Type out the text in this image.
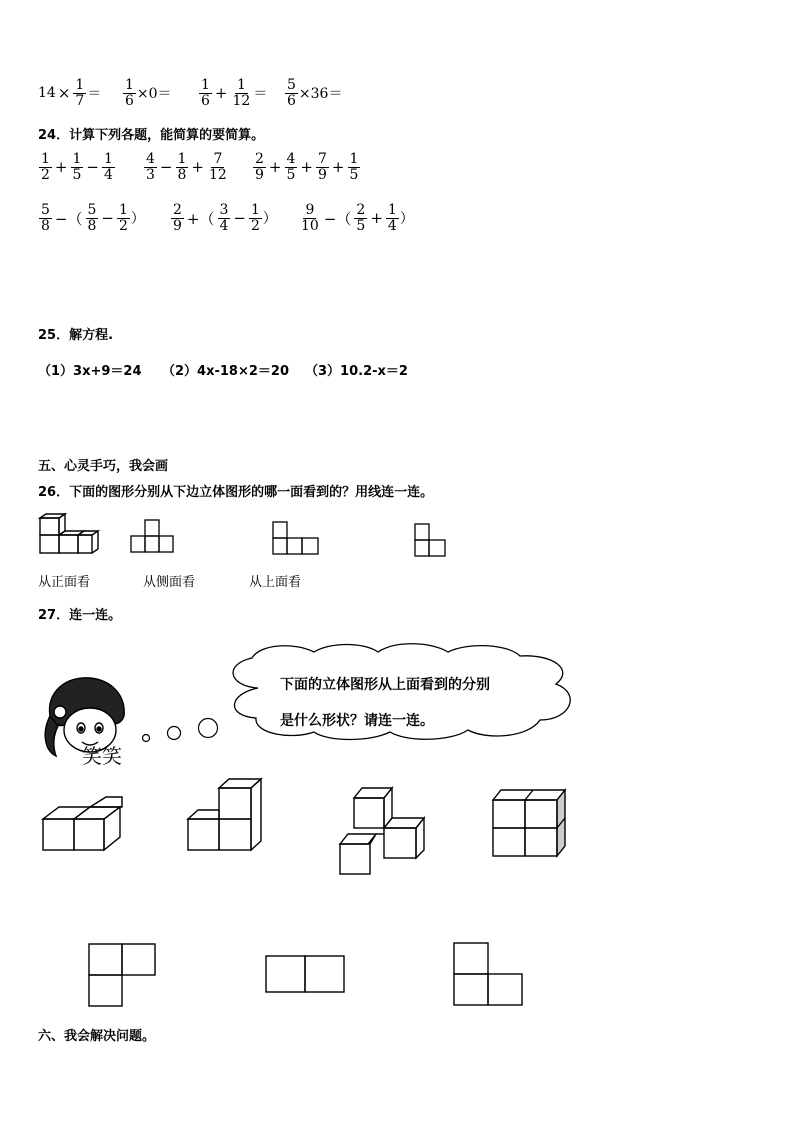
$14 \times \frac{1}{7} = \frac{1}{6} \times 0= \frac{1}{6} + \frac{1}{12} = \frac{5}{6} \times 36=$
24．计算下列各题，能简算的要简算。
$\frac{1}{2} + \frac{1}{5} - \frac{1}{4} \frac{4}{3} - \frac{1}{8} + \frac{7}{12} \frac{2}{9} + \frac{4}{5} + \frac{7}{9} + \frac{1}{5}$
$\frac{5}{8}$ −（ $\frac{5}{8} - \frac{1}{2}$ ） $\frac{2}{9}$ +（ $\frac{3}{4} - \frac{1}{2}$ ） $\frac{9}{10}$ −（ $\frac{2}{5} + \frac{1}{4}$ ）
25．解方程.
（1）3x+9＝24 （2）4x-18×2＝20 （3）10.2-x＝2
五、心灵手巧，我会画
26．下面的图形分别从下边立体图形的哪一面看到的？用线连一连。
从正面看	从侧面看	从上面看
27．连一连。
笑笑
下面的立体图形从上面看到的分别
是什么形状？请连一连。
六、我会解决问题。
